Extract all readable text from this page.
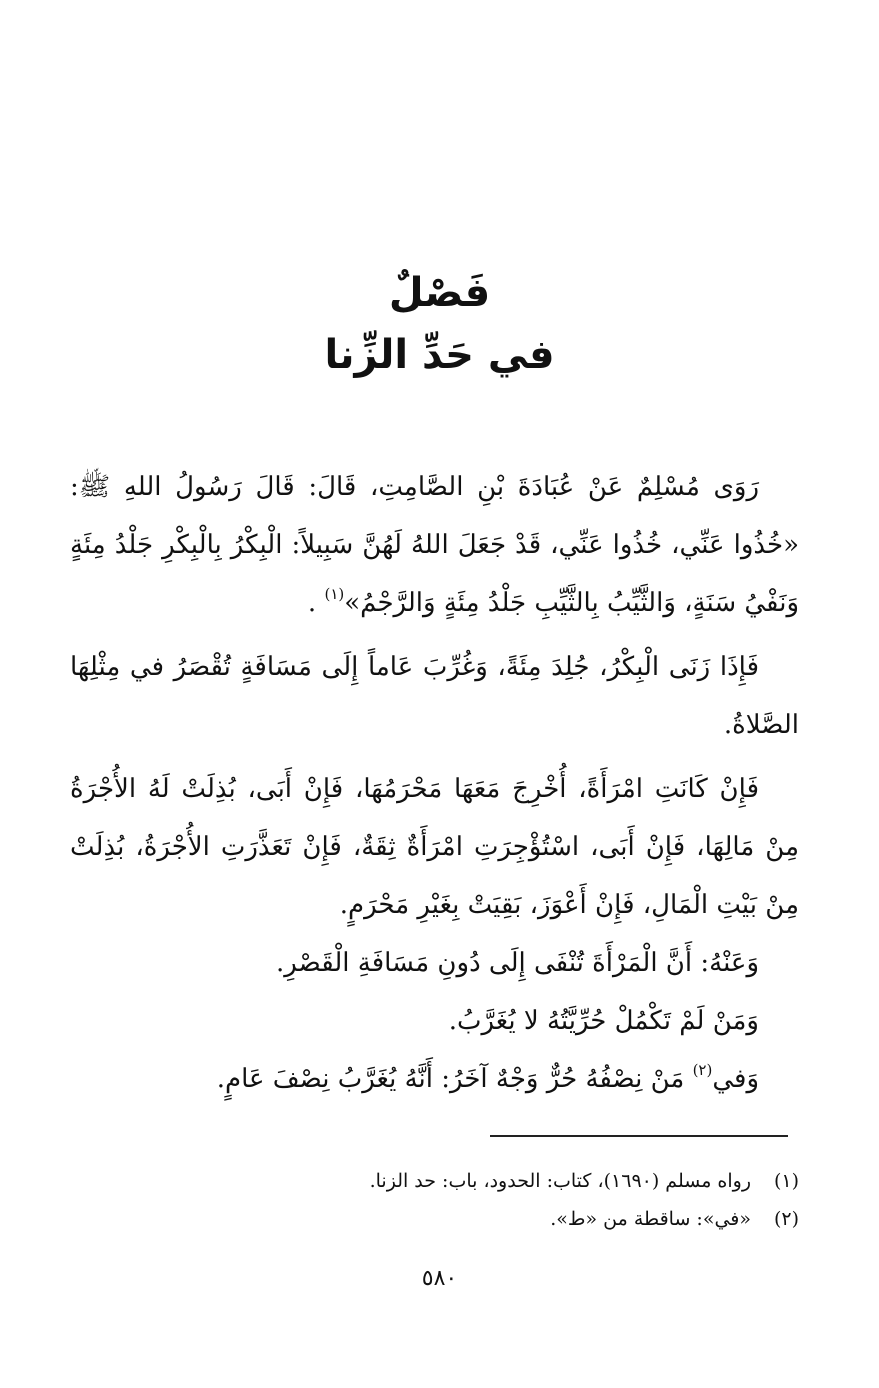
فَصْلٌ
في حَدِّ الزِّنا

رَوَى مُسْلِمٌ عَنْ عُبَادَةَ بْنِ الصَّامِتِ، قَالَ: قَالَ رَسُولُ اللهِ ﷺ: «خُذُوا عَنِّي، خُذُوا عَنِّي، قَدْ جَعَلَ اللهُ لَهُنَّ سَبِيلاً: الْبِكْرُ بِالْبِكْرِ جَلْدُ مِئَةٍ وَنَفْيُ سَنَةٍ، وَالثَّيِّبُ بِالثَّيِّبِ جَلْدُ مِئَةٍ وَالرَّجْمُ»$^{(١)}$ .

فَإِذَا زَنَى الْبِكْرُ، جُلِدَ مِئَةً، وَغُرِّبَ عَاماً إِلَى مَسَافَةٍ تُقْصَرُ في مِثْلِهَا الصَّلاةُ.

فَإِنْ كَانَتِ امْرَأَةً، أُخْرِجَ مَعَهَا مَحْرَمُهَا، فَإِنْ أَبَى، بُذِلَتْ لَهُ الأُجْرَةُ مِنْ مَالِهَا، فَإِنْ أَبَى، اسْتُؤْجِرَتِ امْرَأَةٌ ثِقَةٌ، فَإِنْ تَعَذَّرَتِ الأُجْرَةُ، بُذِلَتْ مِنْ بَيْتِ الْمَالِ، فَإِنْ أَعْوَزَ، بَقِيَتْ بِغَيْرِ مَحْرَمٍ.

وَعَنْهُ: أَنَّ الْمَرْأَةَ تُنْفَى إِلَى دُونِ مَسَافَةِ الْقَصْرِ.

وَمَنْ لَمْ تَكْمُلْ حُرِّيَّتُهُ لا يُغَرَّبُ.

وَفي$^{(٢)}$ مَنْ نِصْفُهُ حُرٌّ وَجْهٌ آخَرُ: أَنَّهُ يُغَرَّبُ نِصْفَ عَامٍ.

(١)رواه مسلم (١٦٩٠)، كتاب: الحدود، باب: حد الزنا.
(٢)«في»: ساقطة من «ط».
٥٨٠
